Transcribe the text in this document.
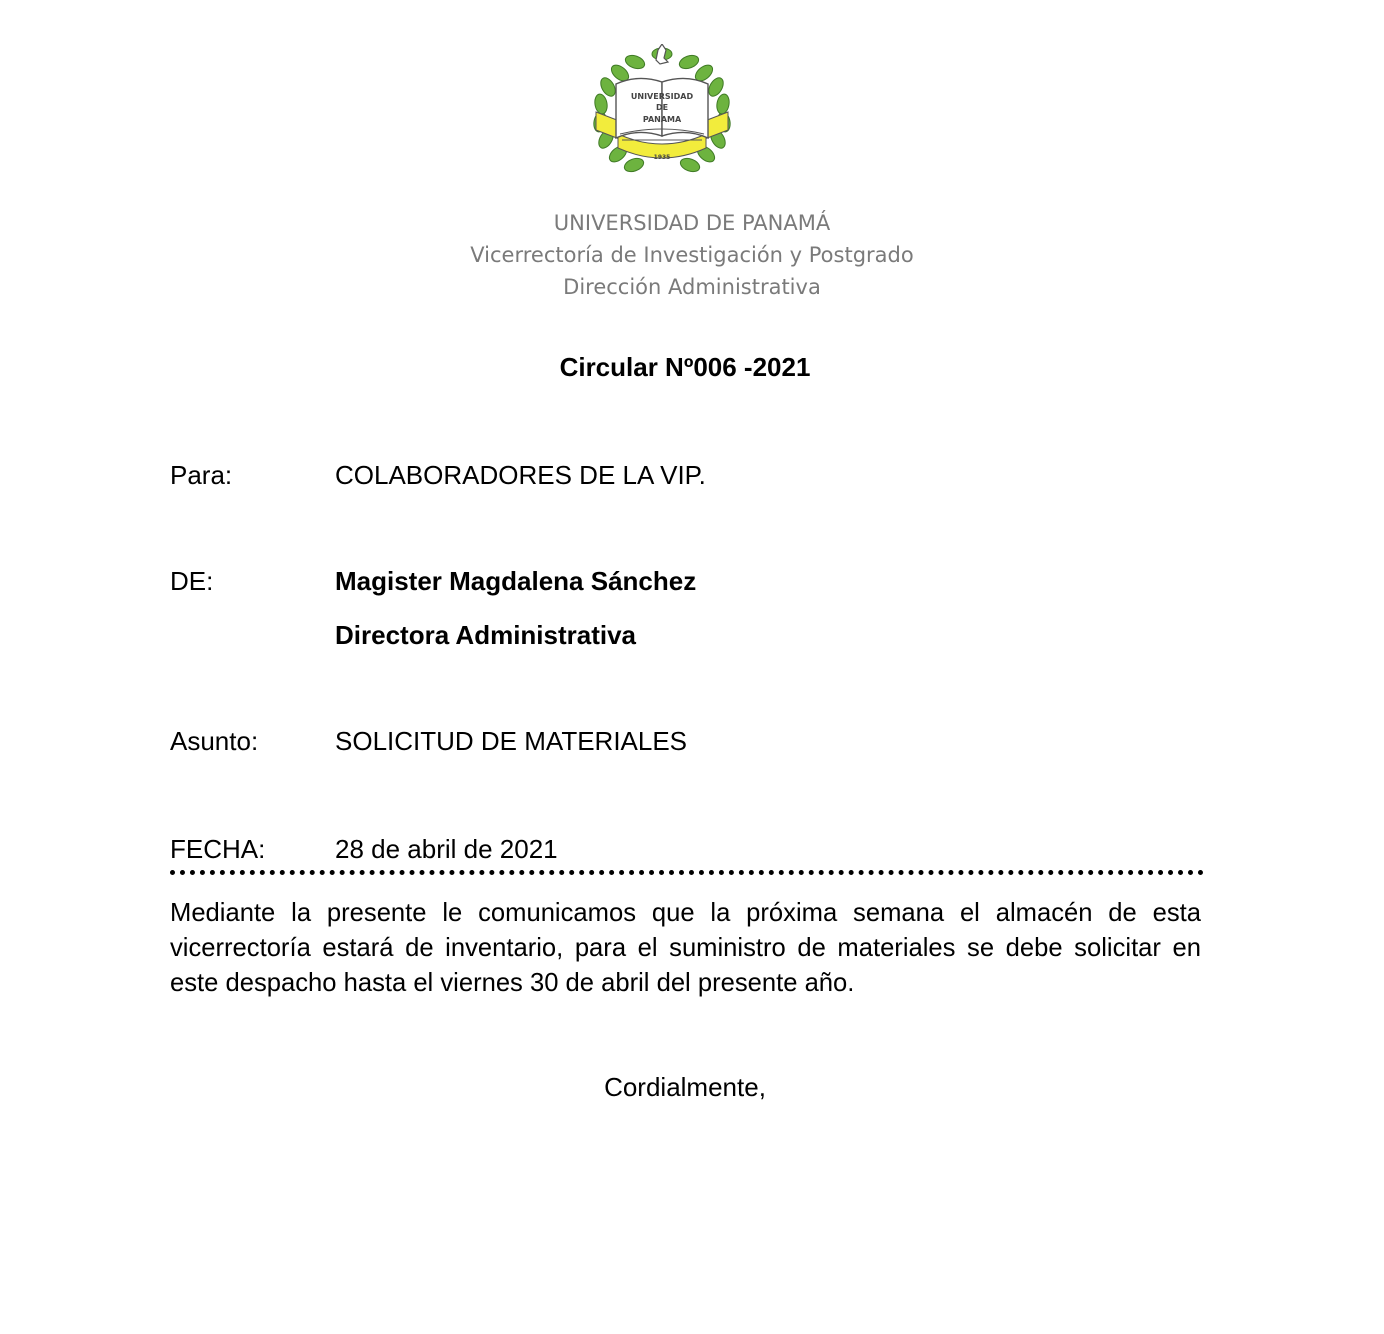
UNIVERSIDAD
DE
PANAMA
1935
UNIVERSIDAD DE PANAMÁ
Vicerrectoría de Investigación y Postgrado
Dirección Administrativa
Circular Nº006 -2021
Para:	COLABORADORES DE LA VIP.
DE:	Magister Magdalena Sánchez
Directora Administrativa
Asunto:	SOLICITUD DE MATERIALES
FECHA:	28 de abril de 2021
Mediante la presente le comunicamos que la próxima semana el almacén de esta vicerrectoría estará de inventario, para el suministro de materiales se debe solicitar en este despacho hasta el viernes 30 de abril del presente año.
Cordialmente,
